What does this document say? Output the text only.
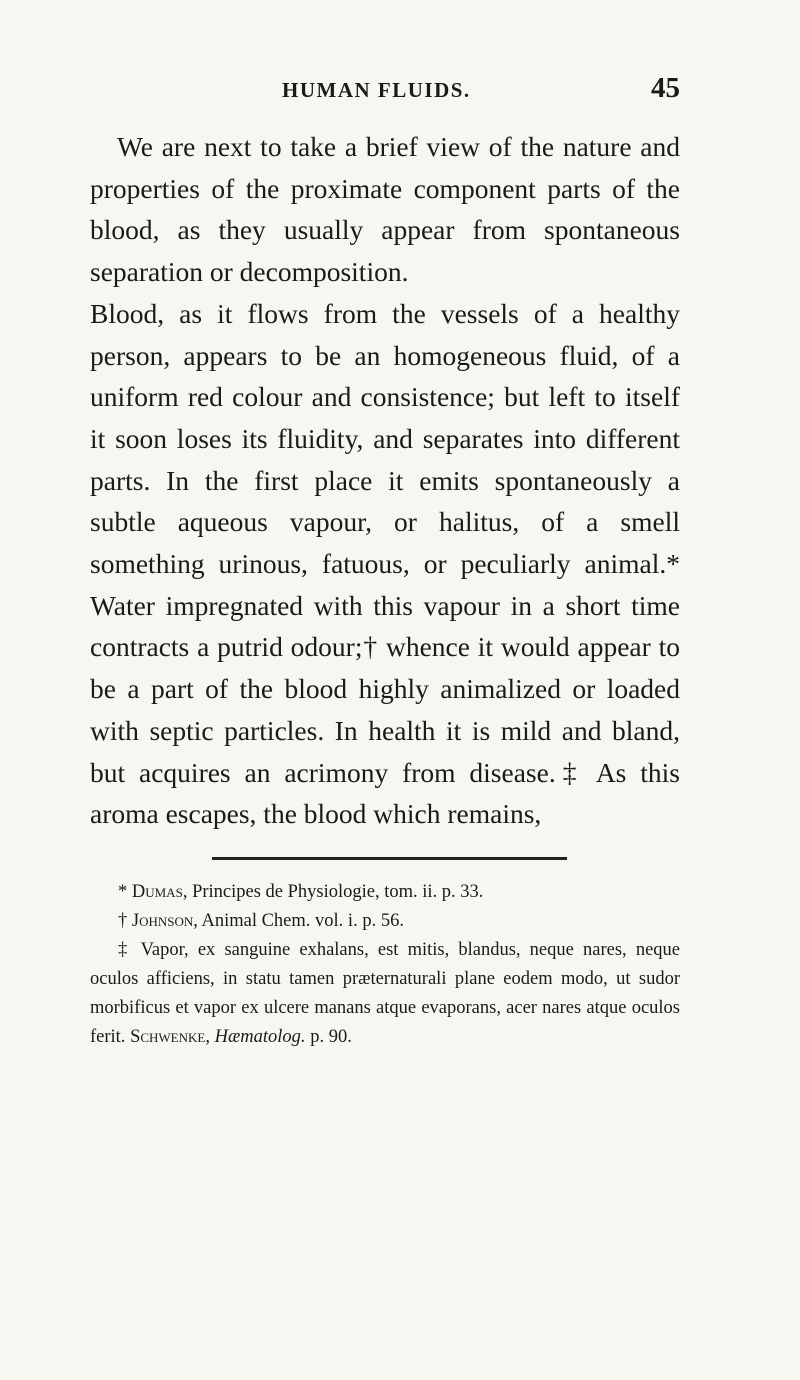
HUMAN FLUIDS.	45

We are next to take a brief view of the nature and properties of the proximate component parts of the blood, as they usually appear from spontaneous separation or decomposition.

Blood, as it flows from the vessels of a healthy person, appears to be an homogeneous fluid, of a uniform red colour and consistence; but left to itself it soon loses its fluidity, and separates into different parts. In the first place it emits spontaneously a subtle aqueous vapour, or halitus, of a smell something urinous, fatuous, or peculiarly animal.* Water impregnated with this vapour in a short time contracts a putrid odour;† whence it would appear to be a part of the blood highly animalized or loaded with septic particles. In health it is mild and bland, but acquires an acrimony from disease.‡ As this aroma escapes, the blood which remains,

* Dumas, Principes de Physiologie, tom. ii. p. 33.

† Johnson, Animal Chem. vol. i. p. 56.

‡ Vapor, ex sanguine exhalans, est mitis, blandus, neque nares, neque oculos afficiens, in statu tamen præternaturali plane eodem modo, ut sudor morbificus et vapor ex ulcere manans atque evaporans, acer nares atque oculos ferit. Schwenke, Hæmatolog. p. 90.
